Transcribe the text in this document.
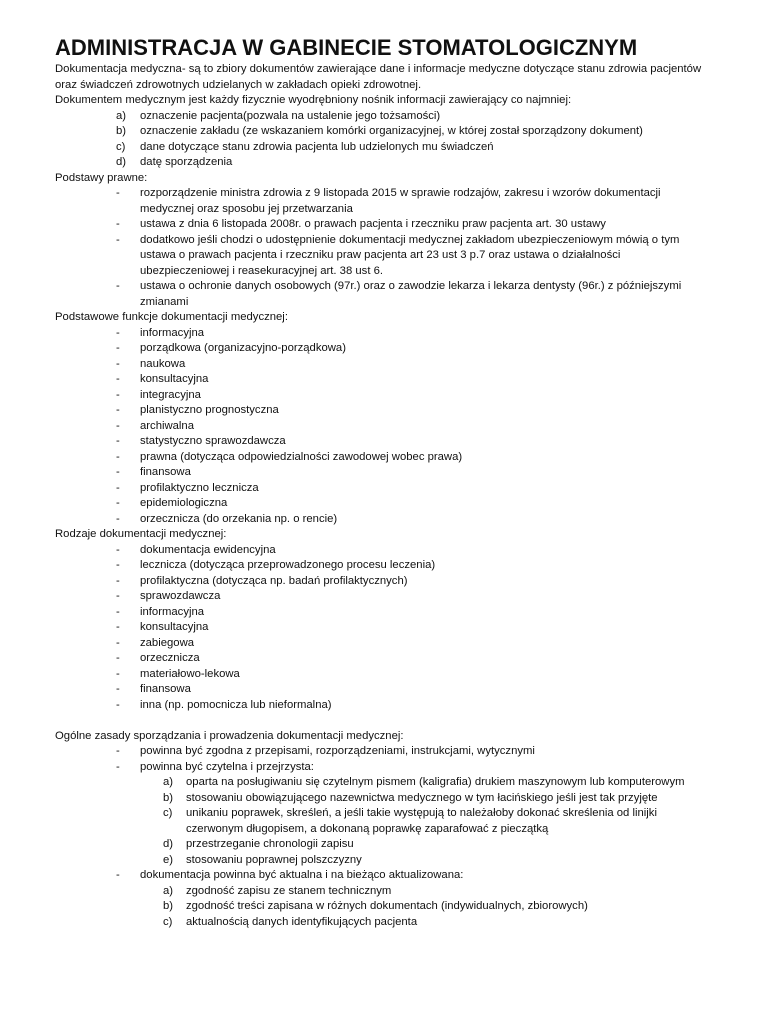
ADMINISTRACJA W GABINECIE STOMATOLOGICZNYM
Dokumentacja medyczna- są to zbiory dokumentów zawierające dane i informacje medyczne dotyczące stanu zdrowia pacjentów
oraz świadczeń zdrowotnych udzielanych w zakładach opieki zdrowotnej.
Dokumentem medycznym jest każdy fizycznie wyodrębniony nośnik informacji zawierający co najmniej:
a) oznaczenie pacjenta(pozwala na ustalenie jego tożsamości)
b) oznaczenie zakładu (ze wskazaniem komórki organizacyjnej, w której został sporządzony dokument)
c) dane dotyczące stanu zdrowia pacjenta lub udzielonych mu świadczeń
d) datę sporządzenia
Podstawy prawne:
- rozporządzenie ministra zdrowia z 9 listopada 2015 w sprawie rodzajów, zakresu i wzorów dokumentacji
medycznej oraz sposobu jej przetwarzania
- ustawa z dnia 6 listopada 2008r. o prawach pacjenta i rzeczniku praw pacjenta art. 30 ustawy
- dodatkowo jeśli chodzi o udostępnienie dokumentacji medycznej zakładom ubezpieczeniowym mówią o tym
ustawa o prawach pacjenta i rzeczniku praw pacjenta art 23 ust 3 p.7 oraz ustawa o działalności
ubezpieczeniowej i reasekuracyjnej art. 38 ust 6.
- ustawa o ochronie danych osobowych (97r.) oraz o zawodzie lekarza i lekarza dentysty (96r.) z późniejszymi
zmianami
Podstawowe funkcje dokumentacji medycznej:
- informacyjna
- porządkowa (organizacyjno-porządkowa)
- naukowa
- konsultacyjna
- integracyjna
- planistyczno prognostyczna
- archiwalna
- statystyczno sprawozdawcza
- prawna (dotycząca odpowiedzialności zawodowej wobec prawa)
- finansowa
- profilaktyczno lecznicza
- epidemiologiczna
- orzecznicza (do orzekania np. o rencie)
Rodzaje dokumentacji medycznej:
- dokumentacja ewidencyjna
- lecznicza (dotycząca przeprowadzonego procesu leczenia)
- profilaktyczna (dotycząca np. badań profilaktycznych)
- sprawozdawcza
- informacyjna
- konsultacyjna
- zabiegowa
- orzecznicza
- materiałowo-lekowa
- finansowa
- inna (np. pomocnicza lub nieformalna)
Ogólne zasady sporządzania i prowadzenia dokumentacji medycznej:
- powinna być zgodna z przepisami, rozporządzeniami, instrukcjami, wytycznymi
- powinna być czytelna i przejrzysta:
a) oparta na posługiwaniu się czytelnym pismem (kaligrafia) drukiem maszynowym lub komputerowym
b) stosowaniu obowiązującego nazewnictwa medycznego w tym łacińskiego jeśli jest tak przyjęte
c) unikaniu poprawek, skreśleń, a jeśli takie występują to należałoby dokonać skreślenia od linijki
czerwonym długopisem, a dokonaną poprawkę zaparafować z pieczątką
d) przestrzeganie chronologii zapisu
e) stosowaniu poprawnej polszczyzny
- dokumentacja powinna być aktualna i na bieżąco aktualizowana:
a) zgodność zapisu ze stanem technicznym
b) zgodność treści zapisana w różnych dokumentach (indywidualnych, zbiorowych)
c) aktualnością danych identyfikujących pacjenta
